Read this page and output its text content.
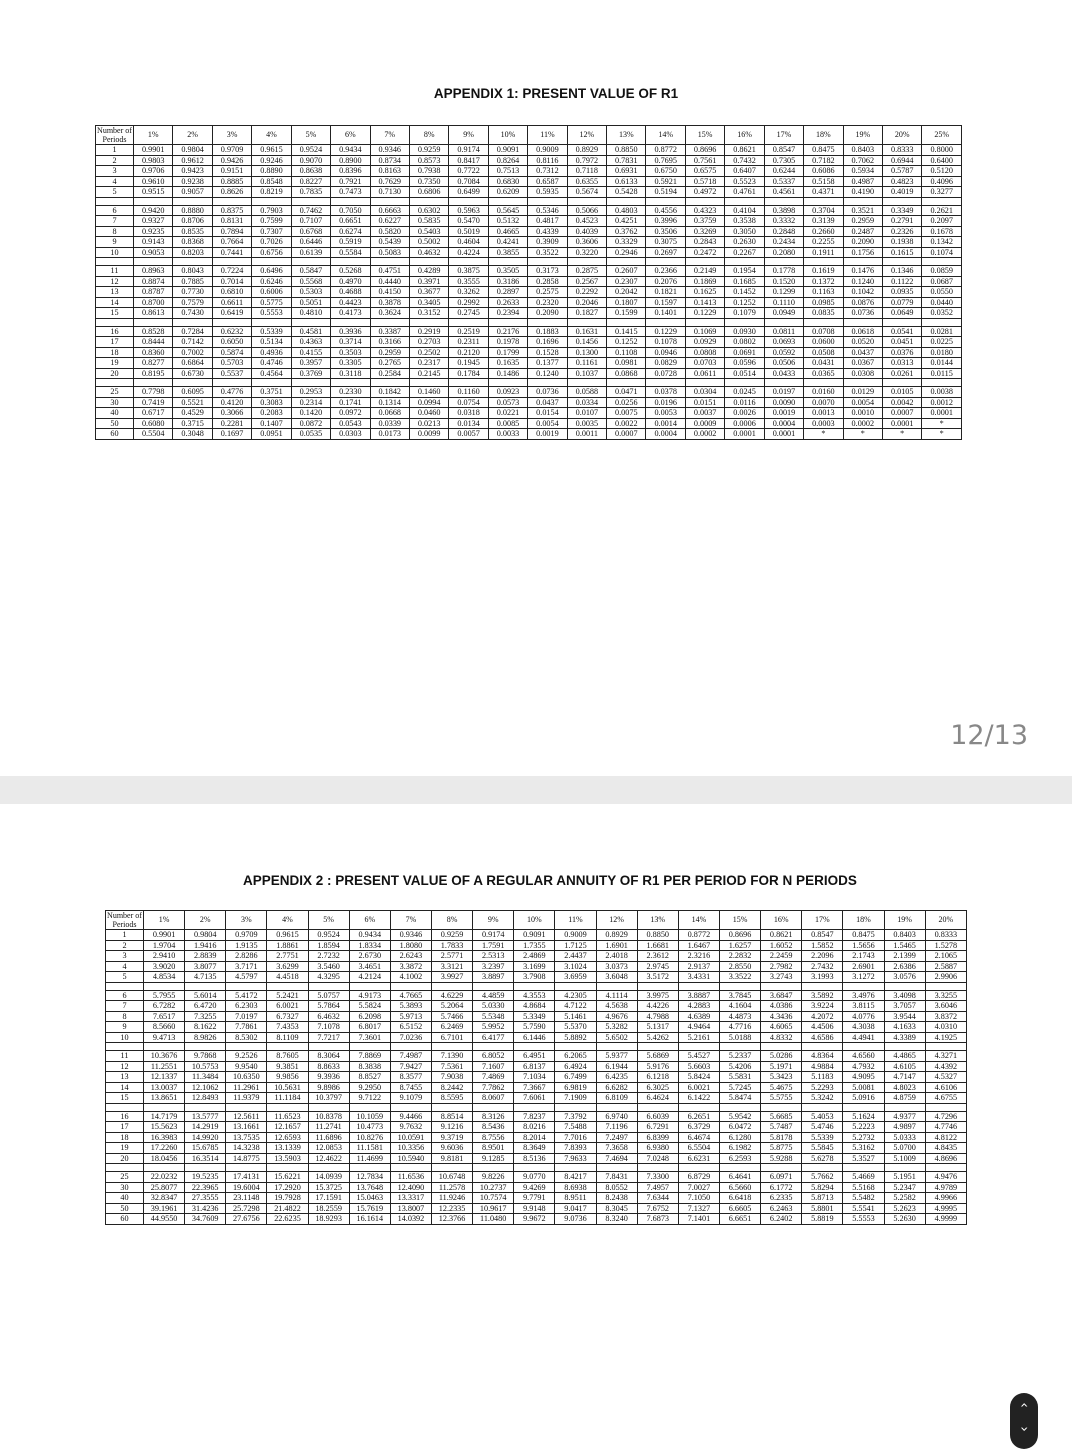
APPENDIX 1: PRESENT VALUE OF R1
Number of Periods	1%	2%	3%	4%	5%	6%	7%	8%	9%	10%	11%	12%	13%	14%	15%	16%	17%	18%	19%	20%	25%
1	0.9901	0.9804	0.9709	0.9615	0.9524	0.9434	0.9346	0.9259	0.9174	0.9091	0.9009	0.8929	0.8850	0.8772	0.8696	0.8621	0.8547	0.8475	0.8403	0.8333	0.8000
2	0.9803	0.9612	0.9426	0.9246	0.9070	0.8900	0.8734	0.8573	0.8417	0.8264	0.8116	0.7972	0.7831	0.7695	0.7561	0.7432	0.7305	0.7182	0.7062	0.6944	0.6400
3	0.9706	0.9423	0.9151	0.8890	0.8638	0.8396	0.8163	0.7938	0.7722	0.7513	0.7312	0.7118	0.6931	0.6750	0.6575	0.6407	0.6244	0.6086	0.5934	0.5787	0.5120
4	0.9610	0.9238	0.8885	0.8548	0.8227	0.7921	0.7629	0.7350	0.7084	0.6830	0.6587	0.6355	0.6133	0.5921	0.5718	0.5523	0.5337	0.5158	0.4987	0.4823	0.4096
5	0.9515	0.9057	0.8626	0.8219	0.7835	0.7473	0.7130	0.6806	0.6499	0.6209	0.5935	0.5674	0.5428	0.5194	0.4972	0.4761	0.4561	0.4371	0.4190	0.4019	0.3277

6	0.9420	0.8880	0.8375	0.7903	0.7462	0.7050	0.6663	0.6302	0.5963	0.5645	0.5346	0.5066	0.4803	0.4556	0.4323	0.4104	0.3898	0.3704	0.3521	0.3349	0.2621
7	0.9327	0.8706	0.8131	0.7599	0.7107	0.6651	0.6227	0.5835	0.5470	0.5132	0.4817	0.4523	0.4251	0.3996	0.3759	0.3538	0.3332	0.3139	0.2959	0.2791	0.2097
8	0.9235	0.8535	0.7894	0.7307	0.6768	0.6274	0.5820	0.5403	0.5019	0.4665	0.4339	0.4039	0.3762	0.3506	0.3269	0.3050	0.2848	0.2660	0.2487	0.2326	0.1678
9	0.9143	0.8368	0.7664	0.7026	0.6446	0.5919	0.5439	0.5002	0.4604	0.4241	0.3909	0.3606	0.3329	0.3075	0.2843	0.2630	0.2434	0.2255	0.2090	0.1938	0.1342
10	0.9053	0.8203	0.7441	0.6756	0.6139	0.5584	0.5083	0.4632	0.4224	0.3855	0.3522	0.3220	0.2946	0.2697	0.2472	0.2267	0.2080	0.1911	0.1756	0.1615	0.1074

11	0.8963	0.8043	0.7224	0.6496	0.5847	0.5268	0.4751	0.4289	0.3875	0.3505	0.3173	0.2875	0.2607	0.2366	0.2149	0.1954	0.1778	0.1619	0.1476	0.1346	0.0859
12	0.8874	0.7885	0.7014	0.6246	0.5568	0.4970	0.4440	0.3971	0.3555	0.3186	0.2858	0.2567	0.2307	0.2076	0.1869	0.1685	0.1520	0.1372	0.1240	0.1122	0.0687
13	0.8787	0.7730	0.6810	0.6006	0.5303	0.4688	0.4150	0.3677	0.3262	0.2897	0.2575	0.2292	0.2042	0.1821	0.1625	0.1452	0.1299	0.1163	0.1042	0.0935	0.0550
14	0.8700	0.7579	0.6611	0.5775	0.5051	0.4423	0.3878	0.3405	0.2992	0.2633	0.2320	0.2046	0.1807	0.1597	0.1413	0.1252	0.1110	0.0985	0.0876	0.0779	0.0440
15	0.8613	0.7430	0.6419	0.5553	0.4810	0.4173	0.3624	0.3152	0.2745	0.2394	0.2090	0.1827	0.1599	0.1401	0.1229	0.1079	0.0949	0.0835	0.0736	0.0649	0.0352

16	0.8528	0.7284	0.6232	0.5339	0.4581	0.3936	0.3387	0.2919	0.2519	0.2176	0.1883	0.1631	0.1415	0.1229	0.1069	0.0930	0.0811	0.0708	0.0618	0.0541	0.0281
17	0.8444	0.7142	0.6050	0.5134	0.4363	0.3714	0.3166	0.2703	0.2311	0.1978	0.1696	0.1456	0.1252	0.1078	0.0929	0.0802	0.0693	0.0600	0.0520	0.0451	0.0225
18	0.8360	0.7002	0.5874	0.4936	0.4155	0.3503	0.2959	0.2502	0.2120	0.1799	0.1528	0.1300	0.1108	0.0946	0.0808	0.0691	0.0592	0.0508	0.0437	0.0376	0.0180
19	0.8277	0.6864	0.5703	0.4746	0.3957	0.3305	0.2765	0.2317	0.1945	0.1635	0.1377	0.1161	0.0981	0.0829	0.0703	0.0596	0.0506	0.0431	0.0367	0.0313	0.0144
20	0.8195	0.6730	0.5537	0.4564	0.3769	0.3118	0.2584	0.2145	0.1784	0.1486	0.1240	0.1037	0.0868	0.0728	0.0611	0.0514	0.0433	0.0365	0.0308	0.0261	0.0115

25	0.7798	0.6095	0.4776	0.3751	0.2953	0.2330	0.1842	0.1460	0.1160	0.0923	0.0736	0.0588	0.0471	0.0378	0.0304	0.0245	0.0197	0.0160	0.0129	0.0105	0.0038
30	0.7419	0.5521	0.4120	0.3083	0.2314	0.1741	0.1314	0.0994	0.0754	0.0573	0.0437	0.0334	0.0256	0.0196	0.0151	0.0116	0.0090	0.0070	0.0054	0.0042	0.0012
40	0.6717	0.4529	0.3066	0.2083	0.1420	0.0972	0.0668	0.0460	0.0318	0.0221	0.0154	0.0107	0.0075	0.0053	0.0037	0.0026	0.0019	0.0013	0.0010	0.0007	0.0001
50	0.6080	0.3715	0.2281	0.1407	0.0872	0.0543	0.0339	0.0213	0.0134	0.0085	0.0054	0.0035	0.0022	0.0014	0.0009	0.0006	0.0004	0.0003	0.0002	0.0001	*
60	0.5504	0.3048	0.1697	0.0951	0.0535	0.0303	0.0173	0.0099	0.0057	0.0033	0.0019	0.0011	0.0007	0.0004	0.0002	0.0001	0.0001	*	*	*	*
12/13
APPENDIX 2 : PRESENT VALUE OF A REGULAR ANNUITY OF R1 PER PERIOD FOR N PERIODS
Number of Periods	1%	2%	3%	4%	5%	6%	7%	8%	9%	10%	11%	12%	13%	14%	15%	16%	17%	18%	19%	20%
1	0.9901	0.9804	0.9709	0.9615	0.9524	0.9434	0.9346	0.9259	0.9174	0.9091	0.9009	0.8929	0.8850	0.8772	0.8696	0.8621	0.8547	0.8475	0.8403	0.8333
2	1.9704	1.9416	1.9135	1.8861	1.8594	1.8334	1.8080	1.7833	1.7591	1.7355	1.7125	1.6901	1.6681	1.6467	1.6257	1.6052	1.5852	1.5656	1.5465	1.5278
3	2.9410	2.8839	2.8286	2.7751	2.7232	2.6730	2.6243	2.5771	2.5313	2.4869	2.4437	2.4018	2.3612	2.3216	2.2832	2.2459	2.2096	2.1743	2.1399	2.1065
4	3.9020	3.8077	3.7171	3.6299	3.5460	3.4651	3.3872	3.3121	3.2397	3.1699	3.1024	3.0373	2.9745	2.9137	2.8550	2.7982	2.7432	2.6901	2.6386	2.5887
5	4.8534	4.7135	4.5797	4.4518	4.3295	4.2124	4.1002	3.9927	3.8897	3.7908	3.6959	3.6048	3.5172	3.4331	3.3522	3.2743	3.1993	3.1272	3.0576	2.9906

6	5.7955	5.6014	5.4172	5.2421	5.0757	4.9173	4.7665	4.6229	4.4859	4.3553	4.2305	4.1114	3.9975	3.8887	3.7845	3.6847	3.5892	3.4976	3.4098	3.3255
7	6.7282	6.4720	6.2303	6.0021	5.7864	5.5824	5.3893	5.2064	5.0330	4.8684	4.7122	4.5638	4.4226	4.2883	4.1604	4.0386	3.9224	3.8115	3.7057	3.6046
8	7.6517	7.3255	7.0197	6.7327	6.4632	6.2098	5.9713	5.7466	5.5348	5.3349	5.1461	4.9676	4.7988	4.6389	4.4873	4.3436	4.2072	4.0776	3.9544	3.8372
9	8.5660	8.1622	7.7861	7.4353	7.1078	6.8017	6.5152	6.2469	5.9952	5.7590	5.5370	5.3282	5.1317	4.9464	4.7716	4.6065	4.4506	4.3038	4.1633	4.0310
10	9.4713	8.9826	8.5302	8.1109	7.7217	7.3601	7.0236	6.7101	6.4177	6.1446	5.8892	5.6502	5.4262	5.2161	5.0188	4.8332	4.6586	4.4941	4.3389	4.1925

11	10.3676	9.7868	9.2526	8.7605	8.3064	7.8869	7.4987	7.1390	6.8052	6.4951	6.2065	5.9377	5.6869	5.4527	5.2337	5.0286	4.8364	4.6560	4.4865	4.3271
12	11.2551	10.5753	9.9540	9.3851	8.8633	8.3838	7.9427	7.5361	7.1607	6.8137	6.4924	6.1944	5.9176	5.6603	5.4206	5.1971	4.9884	4.7932	4.6105	4.4392
13	12.1337	11.3484	10.6350	9.9856	9.3936	8.8527	8.3577	7.9038	7.4869	7.1034	6.7499	6.4235	6.1218	5.8424	5.5831	5.3423	5.1183	4.9095	4.7147	4.5327
14	13.0037	12.1062	11.2961	10.5631	9.8986	9.2950	8.7455	8.2442	7.7862	7.3667	6.9819	6.6282	6.3025	6.0021	5.7245	5.4675	5.2293	5.0081	4.8023	4.6106
15	13.8651	12.8493	11.9379	11.1184	10.3797	9.7122	9.1079	8.5595	8.0607	7.6061	7.1909	6.8109	6.4624	6.1422	5.8474	5.5755	5.3242	5.0916	4.8759	4.6755

16	14.7179	13.5777	12.5611	11.6523	10.8378	10.1059	9.4466	8.8514	8.3126	7.8237	7.3792	6.9740	6.6039	6.2651	5.9542	5.6685	5.4053	5.1624	4.9377	4.7296
17	15.5623	14.2919	13.1661	12.1657	11.2741	10.4773	9.7632	9.1216	8.5436	8.0216	7.5488	7.1196	6.7291	6.3729	6.0472	5.7487	5.4746	5.2223	4.9897	4.7746
18	16.3983	14.9920	13.7535	12.6593	11.6896	10.8276	10.0591	9.3719	8.7556	8.2014	7.7016	7.2497	6.8399	6.4674	6.1280	5.8178	5.5339	5.2732	5.0333	4.8122
19	17.2260	15.6785	14.3238	13.1339	12.0853	11.1581	10.3356	9.6036	8.9501	8.3649	7.8393	7.3658	6.9380	6.5504	6.1982	5.8775	5.5845	5.3162	5.0700	4.8435
20	18.0456	16.3514	14.8775	13.5903	12.4622	11.4699	10.5940	9.8181	9.1285	8.5136	7.9633	7.4694	7.0248	6.6231	6.2593	5.9288	5.6278	5.3527	5.1009	4.8696

25	22.0232	19.5235	17.4131	15.6221	14.0939	12.7834	11.6536	10.6748	9.8226	9.0770	8.4217	7.8431	7.3300	6.8729	6.4641	6.0971	5.7662	5.4669	5.1951	4.9476
30	25.8077	22.3965	19.6004	17.2920	15.3725	13.7648	12.4090	11.2578	10.2737	9.4269	8.6938	8.0552	7.4957	7.0027	6.5660	6.1772	5.8294	5.5168	5.2347	4.9789
40	32.8347	27.3555	23.1148	19.7928	17.1591	15.0463	13.3317	11.9246	10.7574	9.7791	8.9511	8.2438	7.6344	7.1050	6.6418	6.2335	5.8713	5.5482	5.2582	4.9966
50	39.1961	31.4236	25.7298	21.4822	18.2559	15.7619	13.8007	12.2335	10.9617	9.9148	9.0417	8.3045	7.6752	7.1327	6.6605	6.2463	5.8801	5.5541	5.2623	4.9995
60	44.9550	34.7609	27.6756	22.6235	18.9293	16.1614	14.0392	12.3766	11.0480	9.9672	9.0736	8.3240	7.6873	7.1401	6.6651	6.2402	5.8819	5.5553	5.2630	4.9999
‹
›
